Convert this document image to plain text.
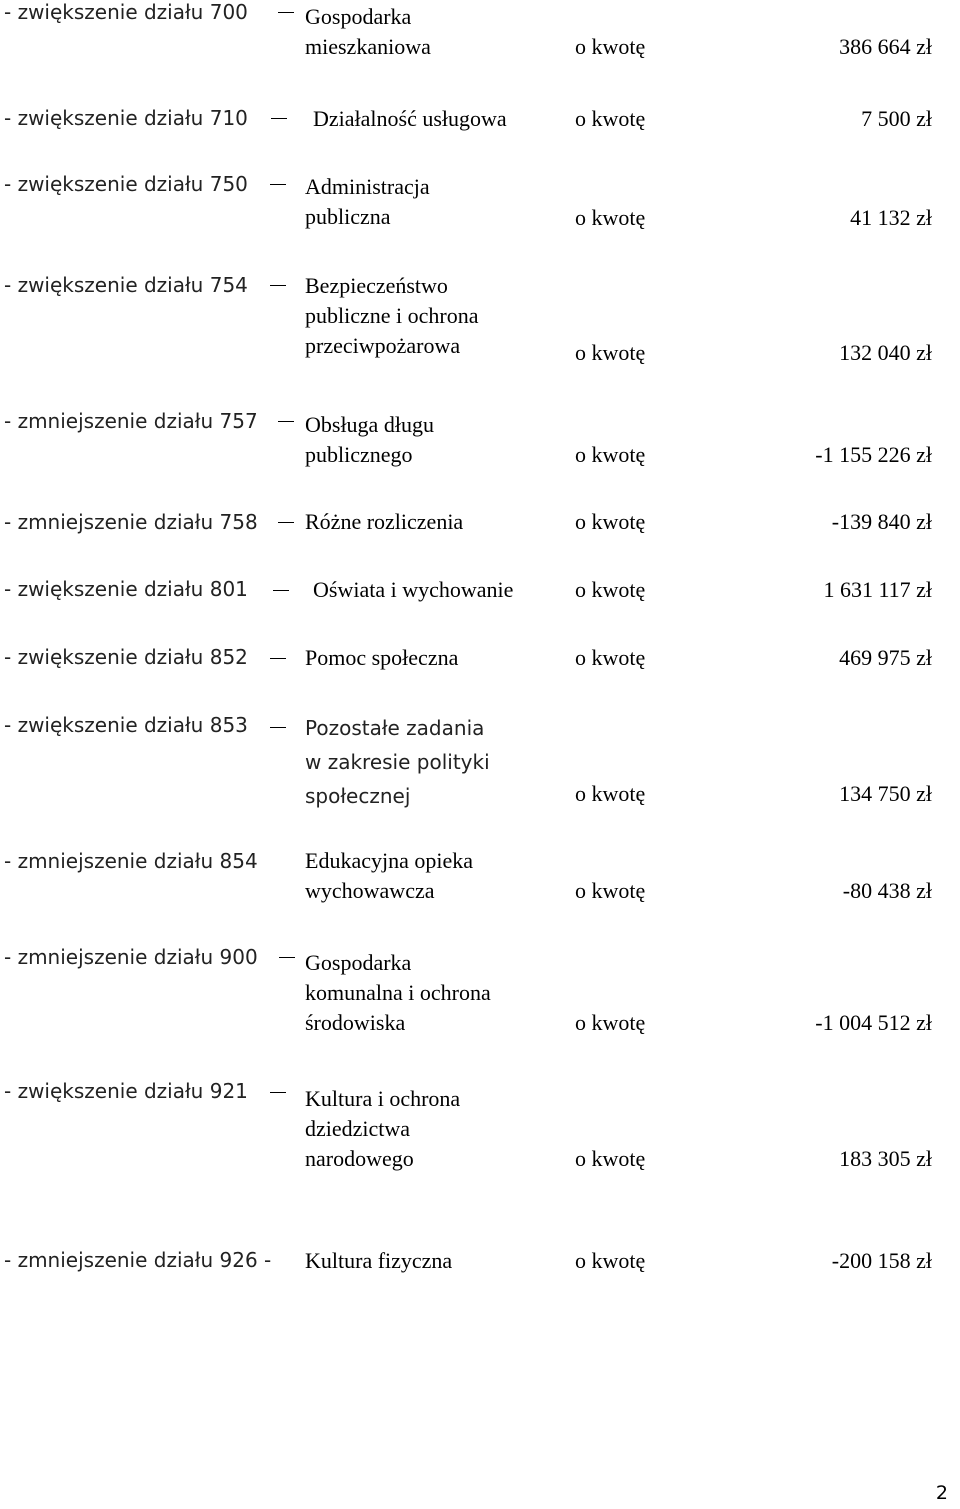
- zwiększenie działu 700	Gospodarka
mieszkaniowa	o kwotę	386 664 zł
- zwiększenie działu 710	Działalność usługowa	o kwotę	7 500 zł
- zwiększenie działu 750	Administracja
publiczna	o kwotę	41 132 zł
- zwiększenie działu 754	Bezpieczeństwo
publiczne i ochrona
przeciwpożarowa	o kwotę	132 040 zł
- zmniejszenie działu 757 Obsługa długu
publicznego	o kwotę	-1 155 226 zł
- zmniejszenie działu 758 Różne rozliczenia	o kwotę	-139 840 zł
- zwiększenie działu 801	Oświata i wychowanie	o kwotę	1 631 117 zł
- zwiększenie działu 852	Pomoc społeczna	o kwotę	469 975 zł
- zwiększenie działu 853	Pozostałe zadania
w zakresie polityki
społecznej	o kwotę	134 750 zł
- zmniejszenie działu 854 Edukacyjna opieka
wychowawcza	o kwotę	-80 438 zł
- zmniejszenie działu 900 Gospodarka
komunalna i ochrona
środowiska	o kwotę	-1 004 512 zł
- zwiększenie działu 921	Kultura i ochrona
dziedzictwa
narodowego	o kwotę	183 305 zł
- zmniejszenie działu 926 - Kultura fizyczna	o kwotę	-200 158 zł
2
